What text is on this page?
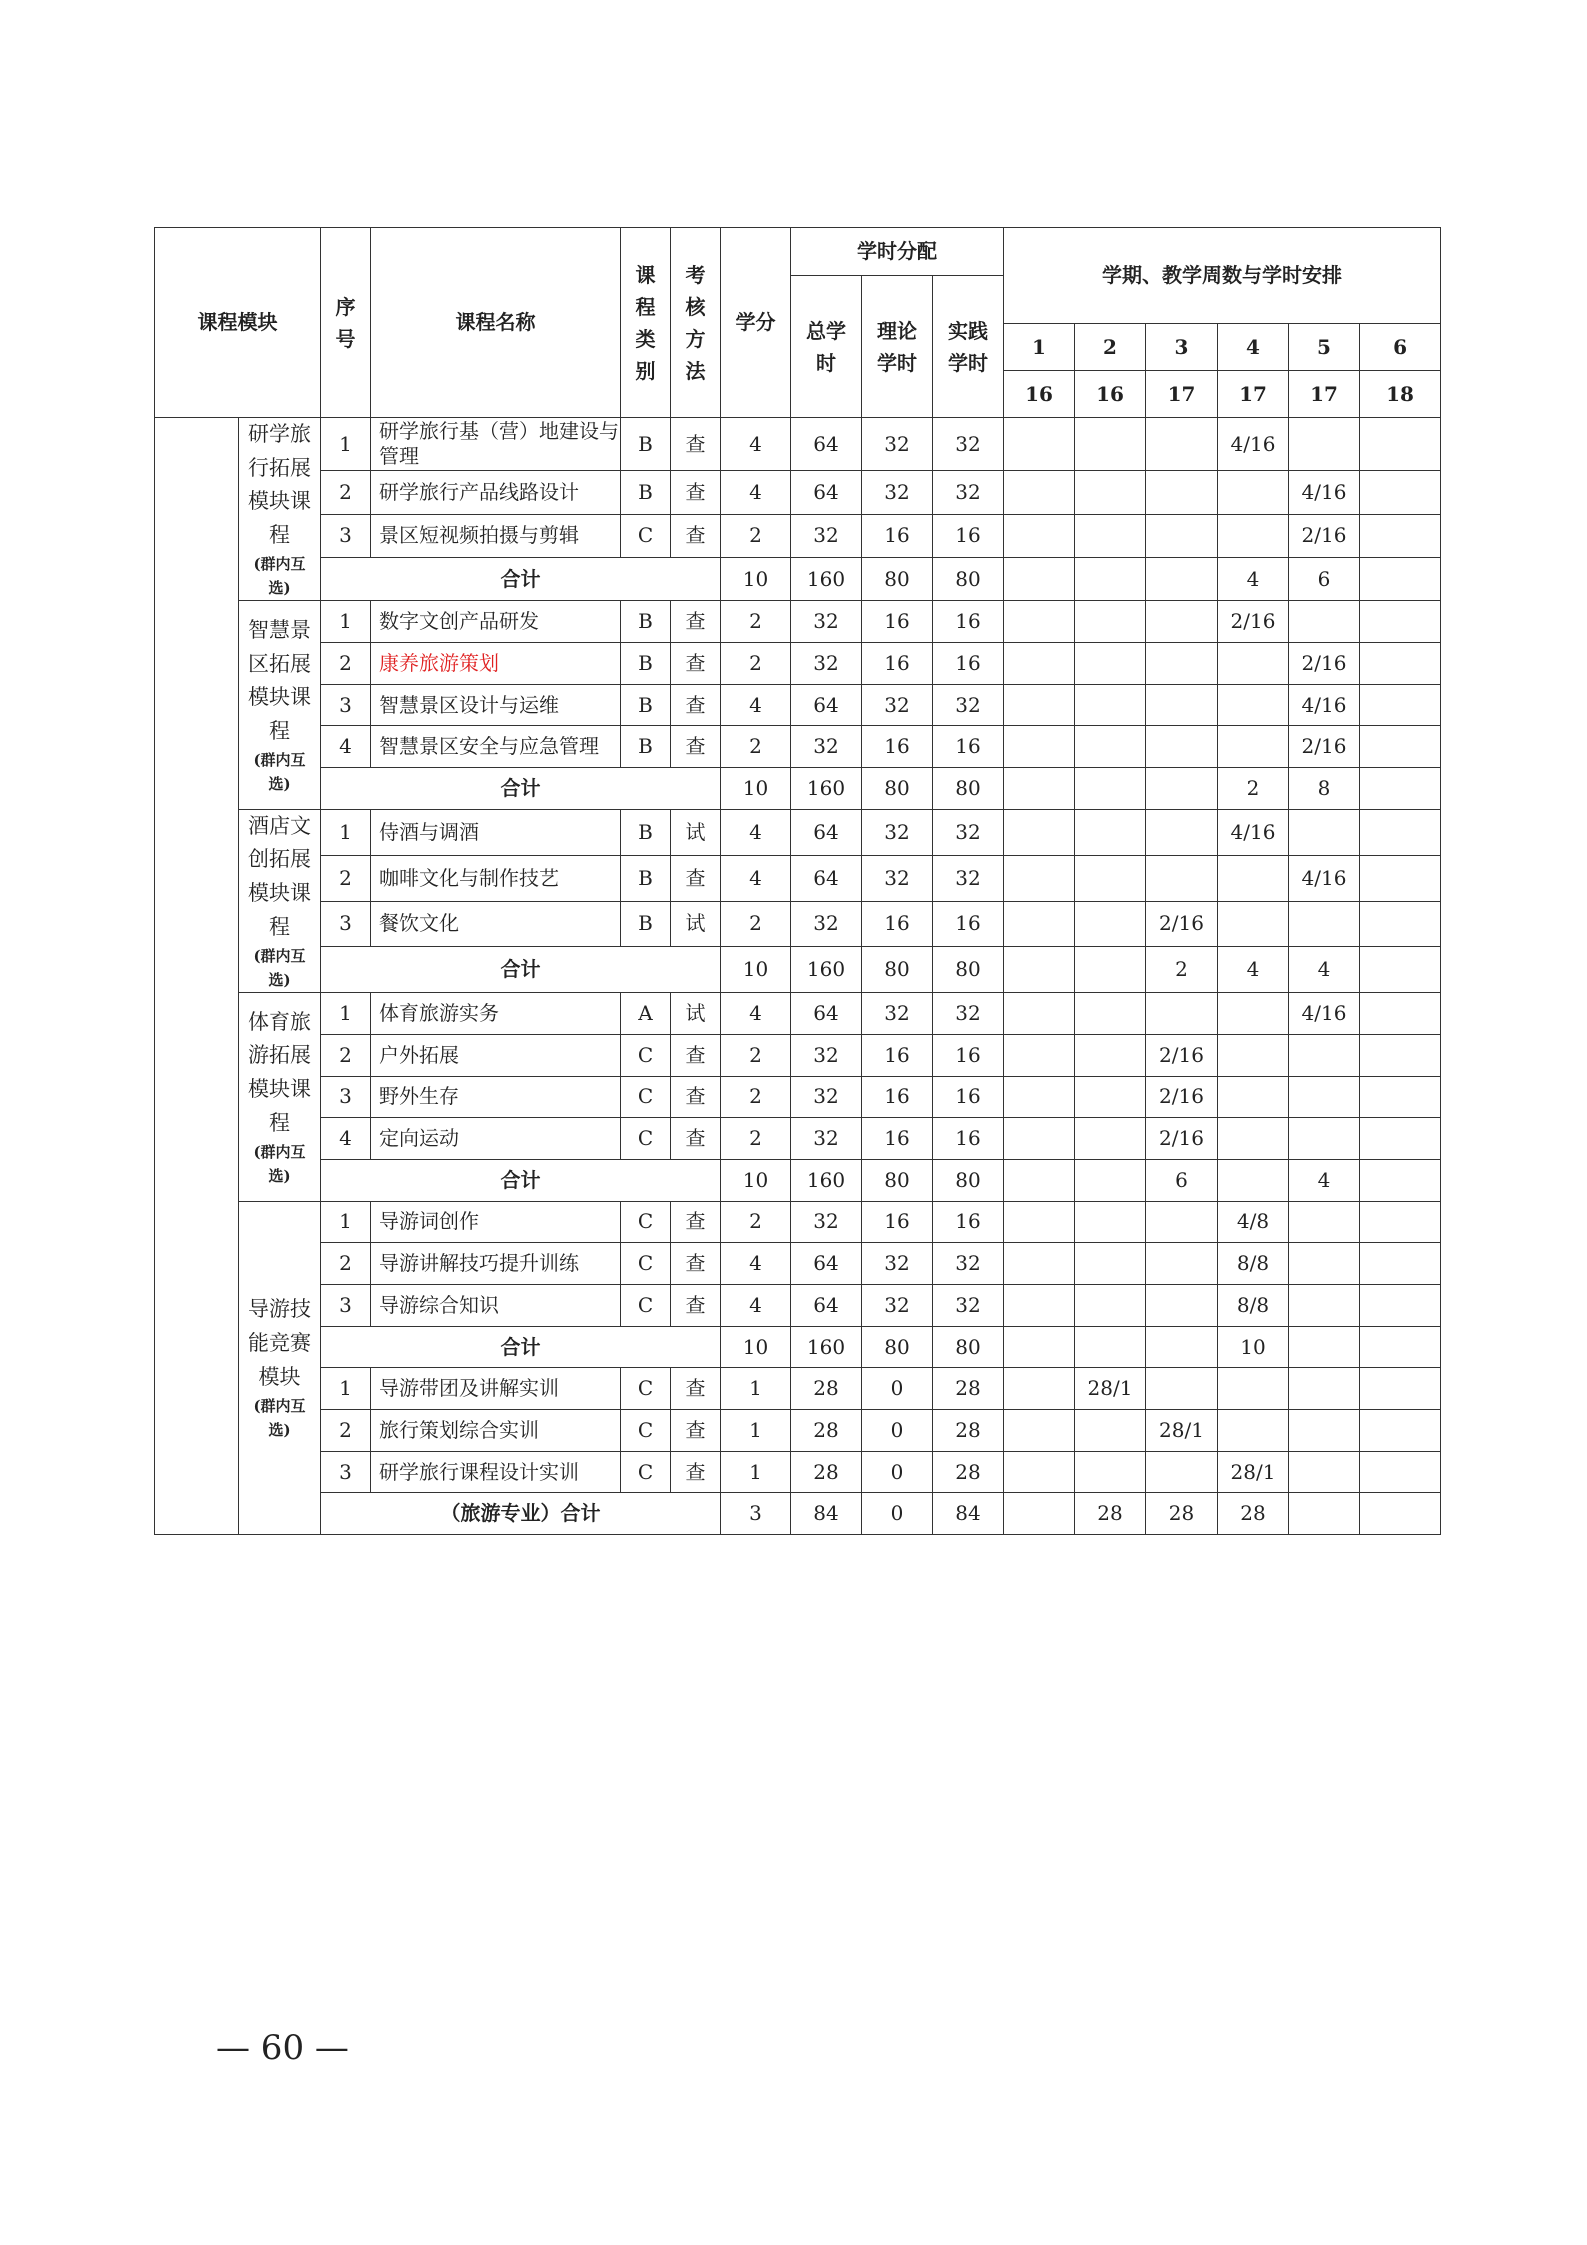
课程模块		序号	课程名称	课程类别	考核方法	学分	学时分配			学期、教学周数与学时安排					
							总学时	理论学时	实践学时						
										1	2	3	4	5	6
										16	16	17	17	17	18
	研学旅行拓展模块课程
(群内互选)	1	研学旅行基（营）地建设与管理	B	查	4	64	32	32				4/16		
		2	研学旅行产品线路设计	B	查	4	64	32	32					4/16	
		3	景区短视频拍摄与剪辑	C	查	2	32	16	16					2/16	
		合计				10	160	80	80				4	6	
	智慧景区拓展模块课程
(群内互选)	1	数字文创产品研发	B	查	2	32	16	16				2/16		
		2	康养旅游策划	B	查	2	32	16	16					2/16	
		3	智慧景区设计与运维	B	查	4	64	32	32					4/16	
		4	智慧景区安全与应急管理	B	查	2	32	16	16					2/16	
		合计				10	160	80	80				2	8	
	酒店文创拓展模块课程
(群内互选)	1	侍酒与调酒	B	试	4	64	32	32				4/16		
		2	咖啡文化与制作技艺	B	查	4	64	32	32					4/16	
		3	餐饮文化	B	试	2	32	16	16			2/16			
		合计				10	160	80	80			2	4	4	
	体育旅游拓展模块课程
(群内互选)	1	体育旅游实务	A	试	4	64	32	32					4/16	
		2	户外拓展	C	查	2	32	16	16			2/16			
		3	野外生存	C	查	2	32	16	16			2/16			
		4	定向运动	C	查	2	32	16	16			2/16			
		合计				10	160	80	80			6		4	
	导游技能竞赛模块
(群内互选)	1	导游词创作	C	查	2	32	16	16				4/8		
		2	导游讲解技巧提升训练	C	查	4	64	32	32				8/8		
		3	导游综合知识	C	查	4	64	32	32				8/8		
		合计				10	160	80	80				10		
		1	导游带团及讲解实训	C	查	1	28	0	28		28/1				
		2	旅行策划综合实训	C	查	1	28	0	28			28/1			
		3	研学旅行课程设计实训	C	查	1	28	0	28				28/1		
		（旅游专业）合计				3	84	0	84		28	28	28		
— 60 —
